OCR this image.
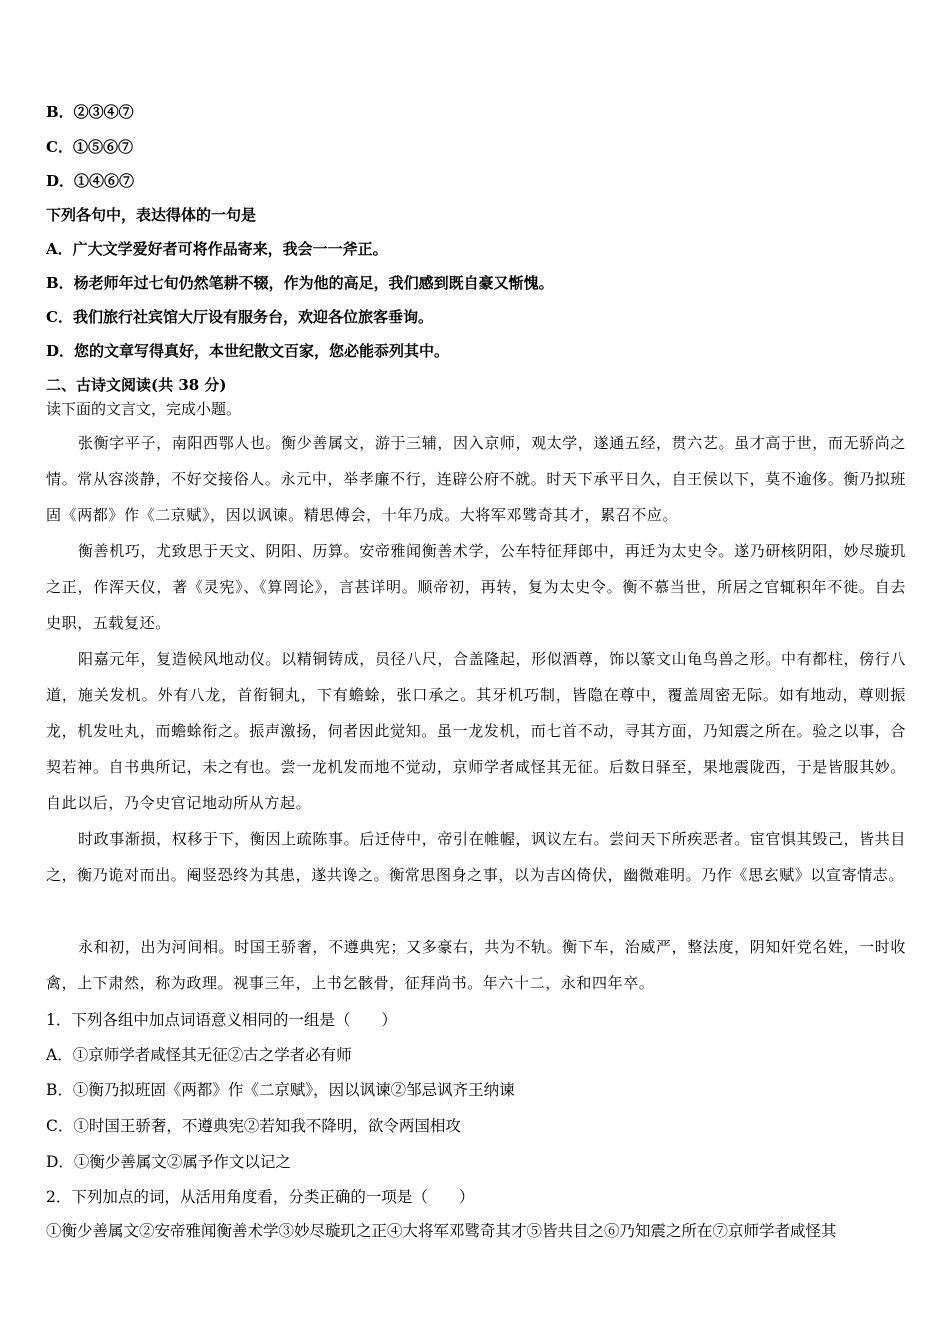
B．②③④⑦
C．①⑤⑥⑦
D．①④⑥⑦
下列各句中，表达得体的一句是
A．广大文学爱好者可将作品寄来，我会一一斧正。
B．杨老师年过七旬仍然笔耕不辍，作为他的高足，我们感到既自豪又惭愧。
C．我们旅行社宾馆大厅设有服务台，欢迎各位旅客垂询。
D．您的文章写得真好，本世纪散文百家，您必能忝列其中。
二、古诗文阅读(共 38 分)
读下面的文言文，完成小题。
张衡字平子，南阳西鄂人也。衡少善属文，游于三辅，因入京师，观太学，遂通五经，贯六艺。虽才高于世，而无骄尚之情。常从容淡静，不好交接俗人。永元中，举孝廉不行，连辟公府不就。时天下承平日久，自王侯以下，莫不逾侈。衡乃拟班固《两都》作《二京赋》，因以讽谏。精思傅会，十年乃成。大将军邓骘奇其才，累召不应。
衡善机巧，尤致思于天文、阴阳、历算。安帝雅闻衡善术学，公车特征拜郎中，再迁为太史令。遂乃研核阴阳，妙尽璇玑之正，作浑天仪，著《灵宪》、《算罔论》，言甚详明。顺帝初，再转，复为太史令。衡不慕当世，所居之官辄积年不徙。自去史职，五载复还。
阳嘉元年，复造候风地动仪。以精铜铸成，员径八尺，合盖隆起，形似酒尊，饰以篆文山龟鸟兽之形。中有都柱，傍行八道，施关发机。外有八龙，首衔铜丸，下有蟾蜍，张口承之。其牙机巧制，皆隐在尊中，覆盖周密无际。如有地动，尊则振龙，机发吐丸，而蟾蜍衔之。振声激扬，伺者因此觉知。虽一龙发机，而七首不动，寻其方面，乃知震之所在。验之以事，合契若神。自书典所记，未之有也。尝一龙机发而地不觉动，京师学者咸怪其无征。后数日驿至，果地震陇西，于是皆服其妙。自此以后，乃令史官记地动所从方起。
时政事渐损，权移于下，衡因上疏陈事。后迁侍中，帝引在帷幄，讽议左右。尝问天下所疾恶者。宦官惧其毁己，皆共目之，衡乃诡对而出。阉竖恐终为其患，遂共谗之。衡常思图身之事，以为吉凶倚伏，幽微难明。乃作《思玄赋》以宣寄情志。
永和初，出为河间相。时国王骄奢，不遵典宪；又多豪右，共为不轨。衡下车，治威严，整法度，阴知奸党名姓，一时收禽，上下肃然，称为政理。视事三年，上书乞骸骨，征拜尚书。年六十二，永和四年卒。
1．下列各组中加点词语意义相同的一组是（　　）
A．①京师学者咸怪其无征②古之学者必有师
B．①衡乃拟班固《两都》作《二京赋》，因以讽谏②邹忌讽齐王纳谏
C．①时国王骄奢，不遵典宪②若知我不降明，欲令两国相攻
D．①衡少善属文②属予作文以记之
2．下列加点的词，从活用角度看，分类正确的一项是（　　）
①衡少善属文②安帝雅闻衡善术学③妙尽璇玑之正④大将军邓骘奇其才⑤皆共目之⑥乃知震之所在⑦京师学者咸怪其
